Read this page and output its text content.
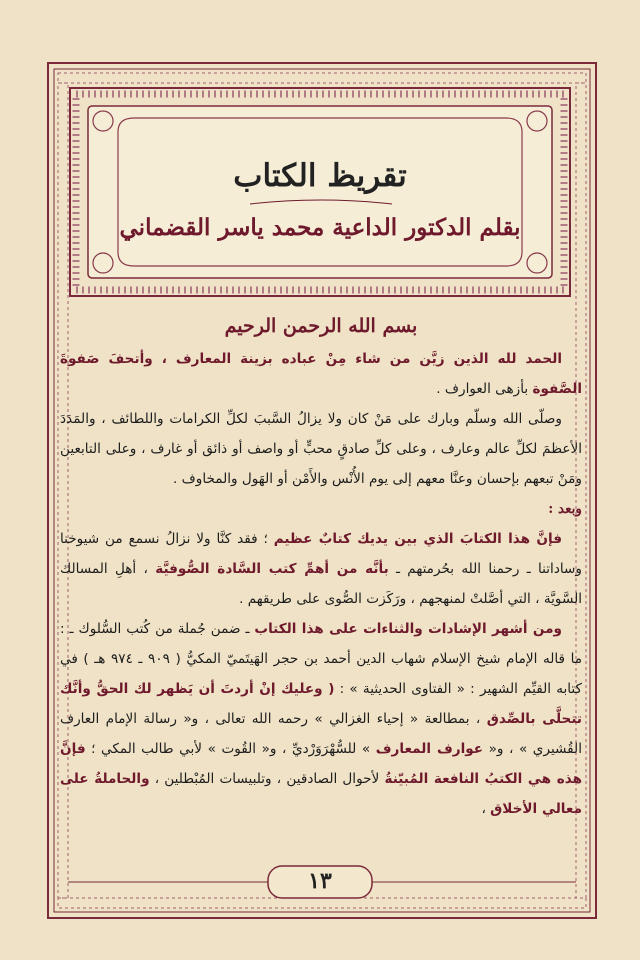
تقريظ الكتاب
بقلم الدكتور الداعية محمد ياسر القضماني
بسم الله الرحمن الرحيم

الحمد لله الذين زيَّن من شاء مِنْ عباده بزينة المعارف ، وأتحفَ صَفوةَ الصَّفوة بأزهى العوارف .

وصلّى الله وسلّم وبارك على مَنْ كان ولا يزالُ السَّببَ لكلِّ الكرامات واللطائف ، والمَدَدَ الأعظمَ لكلِّ عالم وعارف ، وعلى كلِّ صادقٍ محبٍّ أو واصف أو ذائق أو غارف ، وعلى التابعين ومَنْ تبعهم بإحسان وعنَّا معهم إلى يوم الأُنْس والأَمْن أو الهَول والمخاوف .

وبعد :

فإنَّ هذا الكتابَ الذي بين يديك كتابٌ عظيم ؛ فقد كنَّا ولا نزالُ نسمع من شيوخنا وساداتنا ـ رحمنا الله بحُرمتهم ـ بأنَّه من أهمِّ كتب السَّادة الصُّوفيَّة ، أهلِ المسالك السَّويَّة ، التي أصَّلتْ لمنهجهم ، ورَكَزت الصُّوى على طريقهم .

ومن أشهر الإشادات والثناءات على هذا الكتاب ـ ضمن جُملة من كُتب السُّلوك ـ : ما قاله الإمام شيخ الإسلام شهاب الدين أحمد بن حجر الهَيتَميّ المكيُّ ( ٩٠٩ ـ ٩٧٤ هـ ) في كتابه القيِّم الشهير : « الفتاوى الحديثية » : ( وعليك إنْ أردتَ أن يَظهر لك الحقُّ وأنَّك تتحلَّى بالصِّدق ، بمطالعة « إحياء الغزالي » رحمه الله تعالى ، و« رسالة الإمام العارف القُشيري » ، و« عوارف المعارف » للسُّهْرَوَرْديِّ ، و« القُوت » لأبي طالب المكي ؛ فإنَّ هذه هي الكتبُ النافعة المُبيّنةُ لأحوال الصادقين ، وتلبيسات المُبْطلين ، والحاملةُ على معالي الأخلاق ،

١٣
